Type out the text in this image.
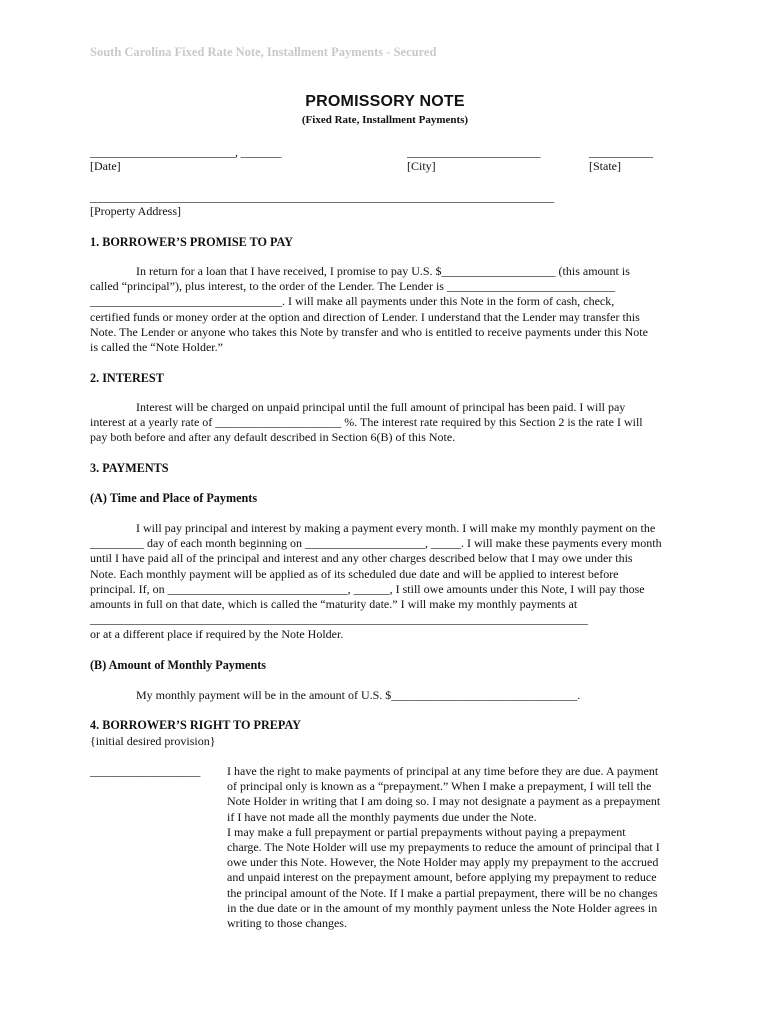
South Carolina Fixed Rate Note, Installment Payments - Secured
PROMISSORY NOTE
(Fixed Rate, Installment Payments)
_________________________, _______	_______________________	___________
[Date]	[City]	[State]
________________________________________________________________________________
[Property Address]
1. BORROWER’S PROMISE TO PAY
In return for a loan that I have received, I promise to pay U.S. $___________________ (this amount is
called “principal”), plus interest, to the order of the Lender. The Lender is ____________________________
________________________________. I will make all payments under this Note in the form of cash, check,
certified funds or money order at the option and direction of Lender. I understand that the Lender may transfer this
Note. The Lender or anyone who takes this Note by transfer and who is entitled to receive payments under this Note
is called the “Note Holder.”
2. INTEREST
Interest will be charged on unpaid principal until the full amount of principal has been paid. I will pay
interest at a yearly rate of _____________________ %. The interest rate required by this Section 2 is the rate I will
pay both before and after any default described in Section 6(B) of this Note.
3. PAYMENTS
(A) Time and Place of Payments
I will pay principal and interest by making a payment every month. I will make my monthly payment on the
_________ day of each month beginning on ____________________, _____. I will make these payments every month
until I have paid all of the principal and interest and any other charges described below that I may owe under this
Note. Each monthly payment will be applied as of its scheduled due date and will be applied to interest before
principal. If, on ______________________________, ______, I still owe amounts under this Note, I will pay those
amounts in full on that date, which is called the “maturity date.” I will make my monthly payments at
___________________________________________________________________________________
or at a different place if required by the Note Holder.
(B) Amount of Monthly Payments
My monthly payment will be in the amount of U.S. $_______________________________.
4. BORROWER’S RIGHT TO PREPAY
{initial desired provision}
___________________ I have the right to make payments of principal at any time before they are due. A payment
of principal only is known as a “prepayment.” When I make a prepayment, I will tell the
Note Holder in writing that I am doing so. I may not designate a payment as a prepayment
if I have not made all the monthly payments due under the Note.
I may make a full prepayment or partial prepayments without paying a prepayment
charge. The Note Holder will use my prepayments to reduce the amount of principal that I
owe under this Note. However, the Note Holder may apply my prepayment to the accrued
and unpaid interest on the prepayment amount, before applying my prepayment to reduce
the principal amount of the Note. If I make a partial prepayment, there will be no changes
in the due date or in the amount of my monthly payment unless the Note Holder agrees in
writing to those changes.
